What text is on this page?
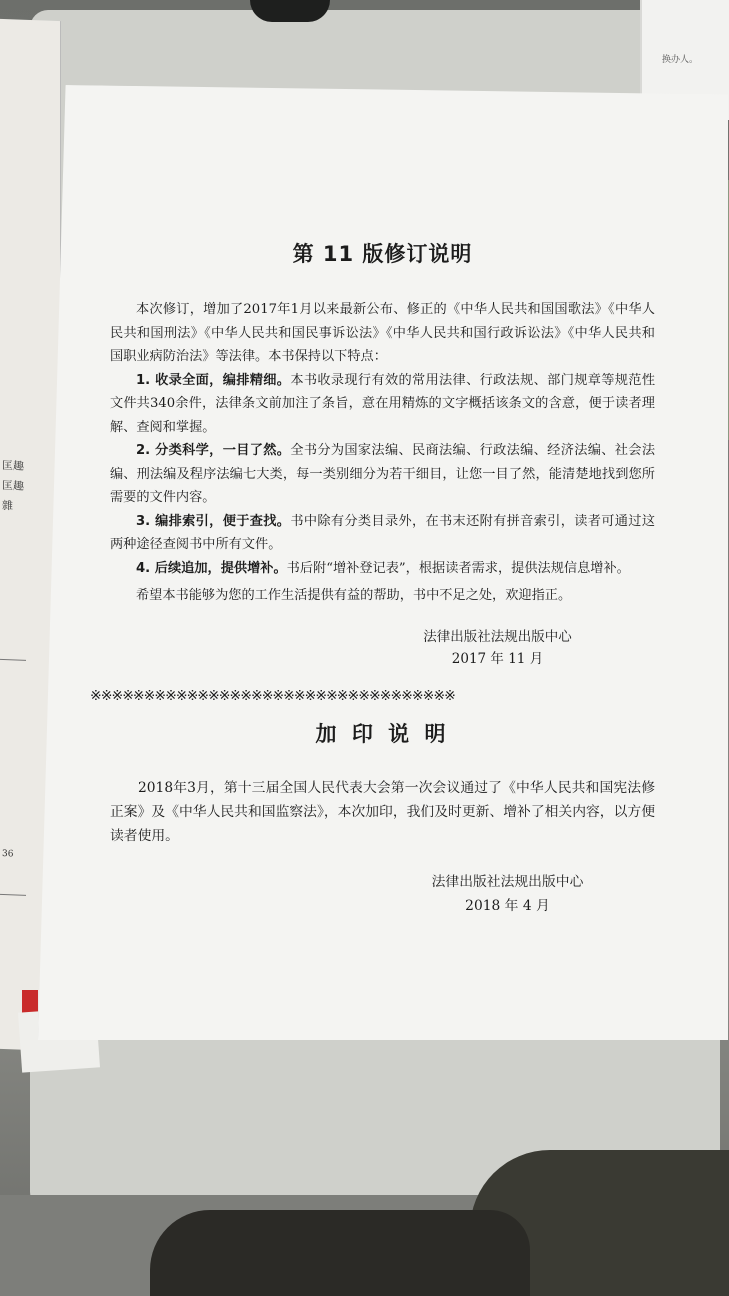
换办人。
匡趣
匡趣
雜
36
第 11 版修订说明

本次修订，增加了2017年1月以来最新公布、修正的《中华人民共和国国歌法》《中华人民共和国刑法》《中华人民共和国民事诉讼法》《中华人民共和国行政诉讼法》《中华人民共和国职业病防治法》等法律。本书保持以下特点：

1. 收录全面，编排精细。本书收录现行有效的常用法律、行政法规、部门规章等规范性文件共340余件，法律条文前加注了条旨，意在用精炼的文字概括该条文的含意，便于读者理解、查阅和掌握。

2. 分类科学，一目了然。全书分为国家法编、民商法编、行政法编、经济法编、社会法编、刑法编及程序法编七大类，每一类别细分为若干细目，让您一目了然，能清楚地找到您所需要的文件内容。

3. 编排索引，便于查找。书中除有分类目录外，在书末还附有拼音索引，读者可通过这两种途径查阅书中所有文件。

4. 后续追加，提供增补。书后附“增补登记表”，根据读者需求，提供法规信息增补。

希望本书能够为您的工作生活提供有益的帮助，书中不足之处，欢迎指正。

法律出版社法规出版中心
2017 年 11 月
※※※※※※※※※※※※※※※※※※※※※※※※※※※※※※※※※※
加 印 说 明

2018年3月，第十三届全国人民代表大会第一次会议通过了《中华人民共和国宪法修正案》及《中华人民共和国监察法》，本次加印，我们及时更新、增补了相关内容，以方便读者使用。

法律出版社法规出版中心
2018 年 4 月
